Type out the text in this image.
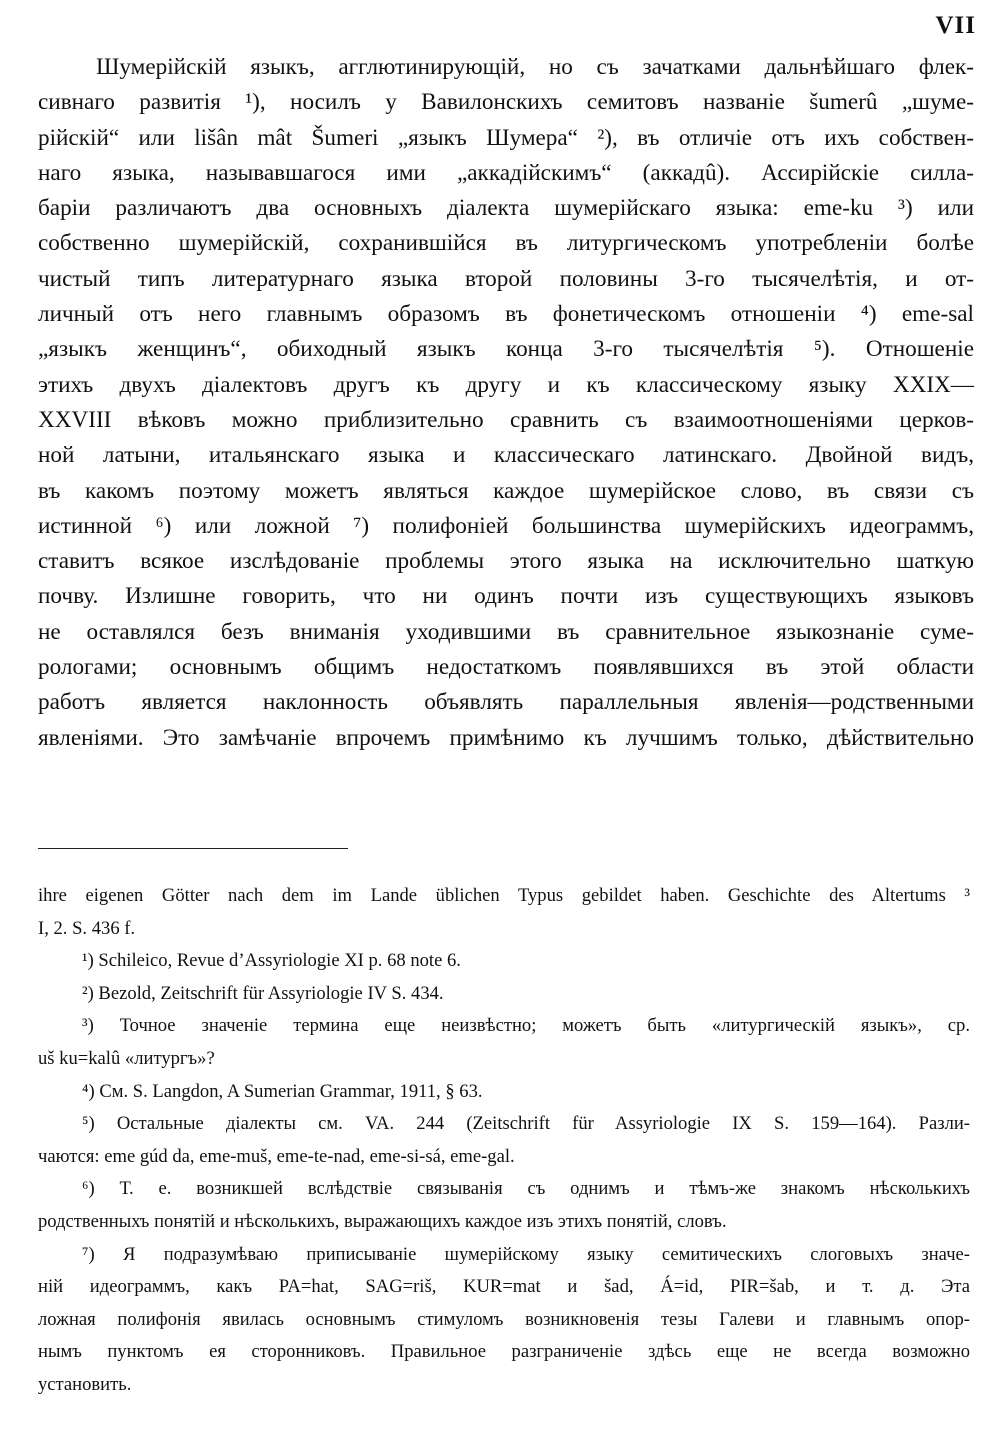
VII
Шумерійскій языкъ, агглютинирующій, но съ зачатками дальнѣйшаго флек-
сивнаго развитія ¹), носилъ у Вавилонскихъ семитовъ названіе šumerû „шуме-
рійскій“ или lišân mât Šumeri „языкъ Шумера“ ²), въ отличіе отъ ихъ собствен-
наго языка, называвшагося ими „аккадійскимъ“ (аккадû). Ассирійскіе силла-
баріи различаютъ два основныхъ діалекта шумерійскаго языка: eme-ku ³) или
собственно шумерійскій, сохранившійся въ литургическомъ употребленіи болѣе
чистый типъ литературнаго языка второй половины 3-го тысячелѣтія, и от-
личный отъ него главнымъ образомъ въ фонетическомъ отношеніи ⁴) eme-sal
„языкъ женщинъ“, обиходный языкъ конца 3-го тысячелѣтія ⁵). Отношеніе
этихъ двухъ діалектовъ другъ къ другу и къ классическому языку XXIX—
XXVIII вѣковъ можно приблизительно сравнить съ взаимоотношеніями церков-
ной латыни, итальянскаго языка и классическаго латинскаго. Двойной видъ,
въ какомъ поэтому можетъ являться каждое шумерійское слово, въ связи съ
истинной ⁶) или ложной ⁷) полифоніей большинства шумерійскихъ идеограммъ,
ставитъ всякое изслѣдованіе проблемы этого языка на исключительно шаткую
почву. Излишне говорить, что ни одинъ почти изъ существующихъ языковъ
не оставлялся безъ вниманія уходившими въ сравнительное языкознаніе суме-
рологами; основнымъ общимъ недостаткомъ появлявшихся въ этой области
работъ является наклонность объявлять параллельныя явленія—родственными
явленіями. Это замѣчаніе впрочемъ примѣнимо къ лучшимъ только, дѣйствительно
ihre eigenen Götter nach dem im Lande üblichen Typus gebildet haben. Geschichte des Altertums ³
I, 2. S. 436 f.
¹) Schileico, Revue d’Assyriologie XI p. 68 note 6.
²) Bezold, Zeitschrift für Assyriologie IV S. 434.
³) Точное значеніе термина еще неизвѣстно; можетъ быть «литургическій языкъ», ср.
uš ku=kalû «литургъ»?
⁴) См. S. Langdon, A Sumerian Grammar, 1911, § 63.
⁵) Остальные діалекты см. VA. 244 (Zeitschrift für Assyriologie IX S. 159—164). Разли-
чаются: eme gúd da, eme-muš, eme-te-nad, eme-si-sá, eme-gal.
⁶) Т. е. возникшей вслѣдствіе связыванія съ однимъ и тѣмъ-же знакомъ нѣсколькихъ
родственныхъ понятій и нѣсколькихъ, выражающихъ каждое изъ этихъ понятій, словъ.
⁷) Я подразумѣваю приписываніе шумерійскому языку семитическихъ слоговыхъ значе-
ній идеограммъ, какъ PA=hat, SAG=riš, KUR=mat и šad, Á=id, PIR=šab, и т. д. Эта
ложная полифонія явилась основнымъ стимуломъ возникновенія тезы Галеви и главнымъ опор-
нымъ пунктомъ ея сторонниковъ. Правильное разграниченіе здѣсь еще не всегда возможно
установить.
